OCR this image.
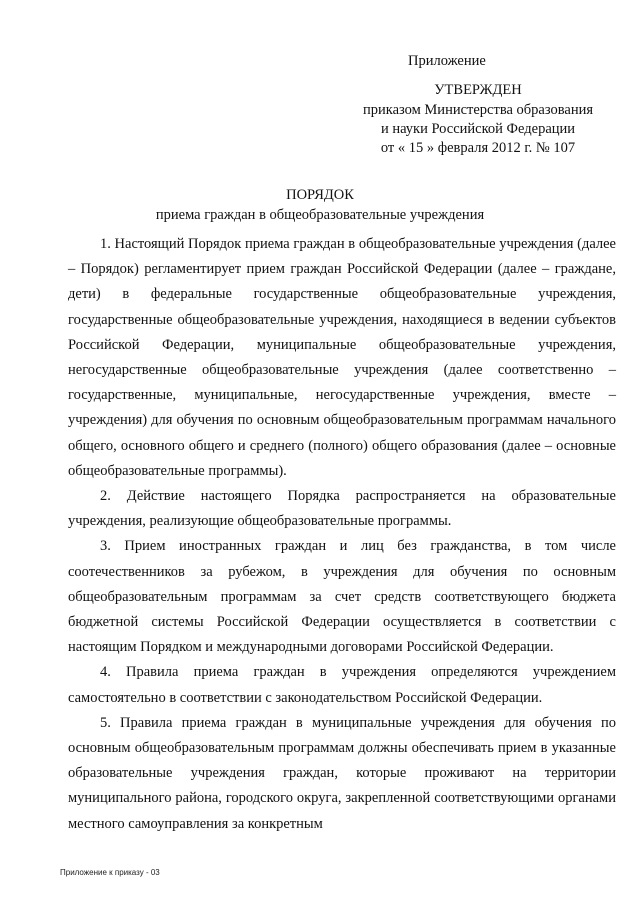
Приложение
УТВЕРЖДЕН
приказом Министерства образования
и науки Российской Федерации
от « 15 » февраля 2012 г. № 107
ПОРЯДОК
приема граждан в общеобразовательные учреждения

1. Настоящий Порядок приема граждан в общеобразовательные учреждения (далее – Порядок) регламентирует прием граждан Российской Федерации (далее – граждане, дети) в федеральные государственные общеобразовательные учреждения, государственные общеобразовательные учреждения, находящиеся в ведении субъектов Российской Федерации, муниципальные общеобразовательные учреждения, негосударственные общеобразовательные учреждения (далее соответственно – государственные, муниципальные, негосударственные учреждения, вместе – учреждения) для обучения по основным общеобразовательным программам начального общего, основного общего и среднего (полного) общего образования (далее – основные общеобразовательные программы).

2. Действие настоящего Порядка распространяется на образовательные учреждения, реализующие общеобразовательные программы.

3. Прием иностранных граждан и лиц без гражданства, в том числе соотечественников за рубежом, в учреждения для обучения по основным общеобразовательным программам за счет средств соответствующего бюджета бюджетной системы Российской Федерации осуществляется в соответствии с настоящим Порядком и международными договорами Российской Федерации.

4. Правила приема граждан в учреждения определяются учреждением самостоятельно в соответствии с законодательством Российской Федерации.

5. Правила приема граждан в муниципальные учреждения для обучения по основным общеобразовательным программам должны обеспечивать прием в указанные образовательные учреждения граждан, которые проживают на территории муниципального района, городского округа, закрепленной соответствующими органами местного самоуправления за конкретным

Приложение к приказу - 03
